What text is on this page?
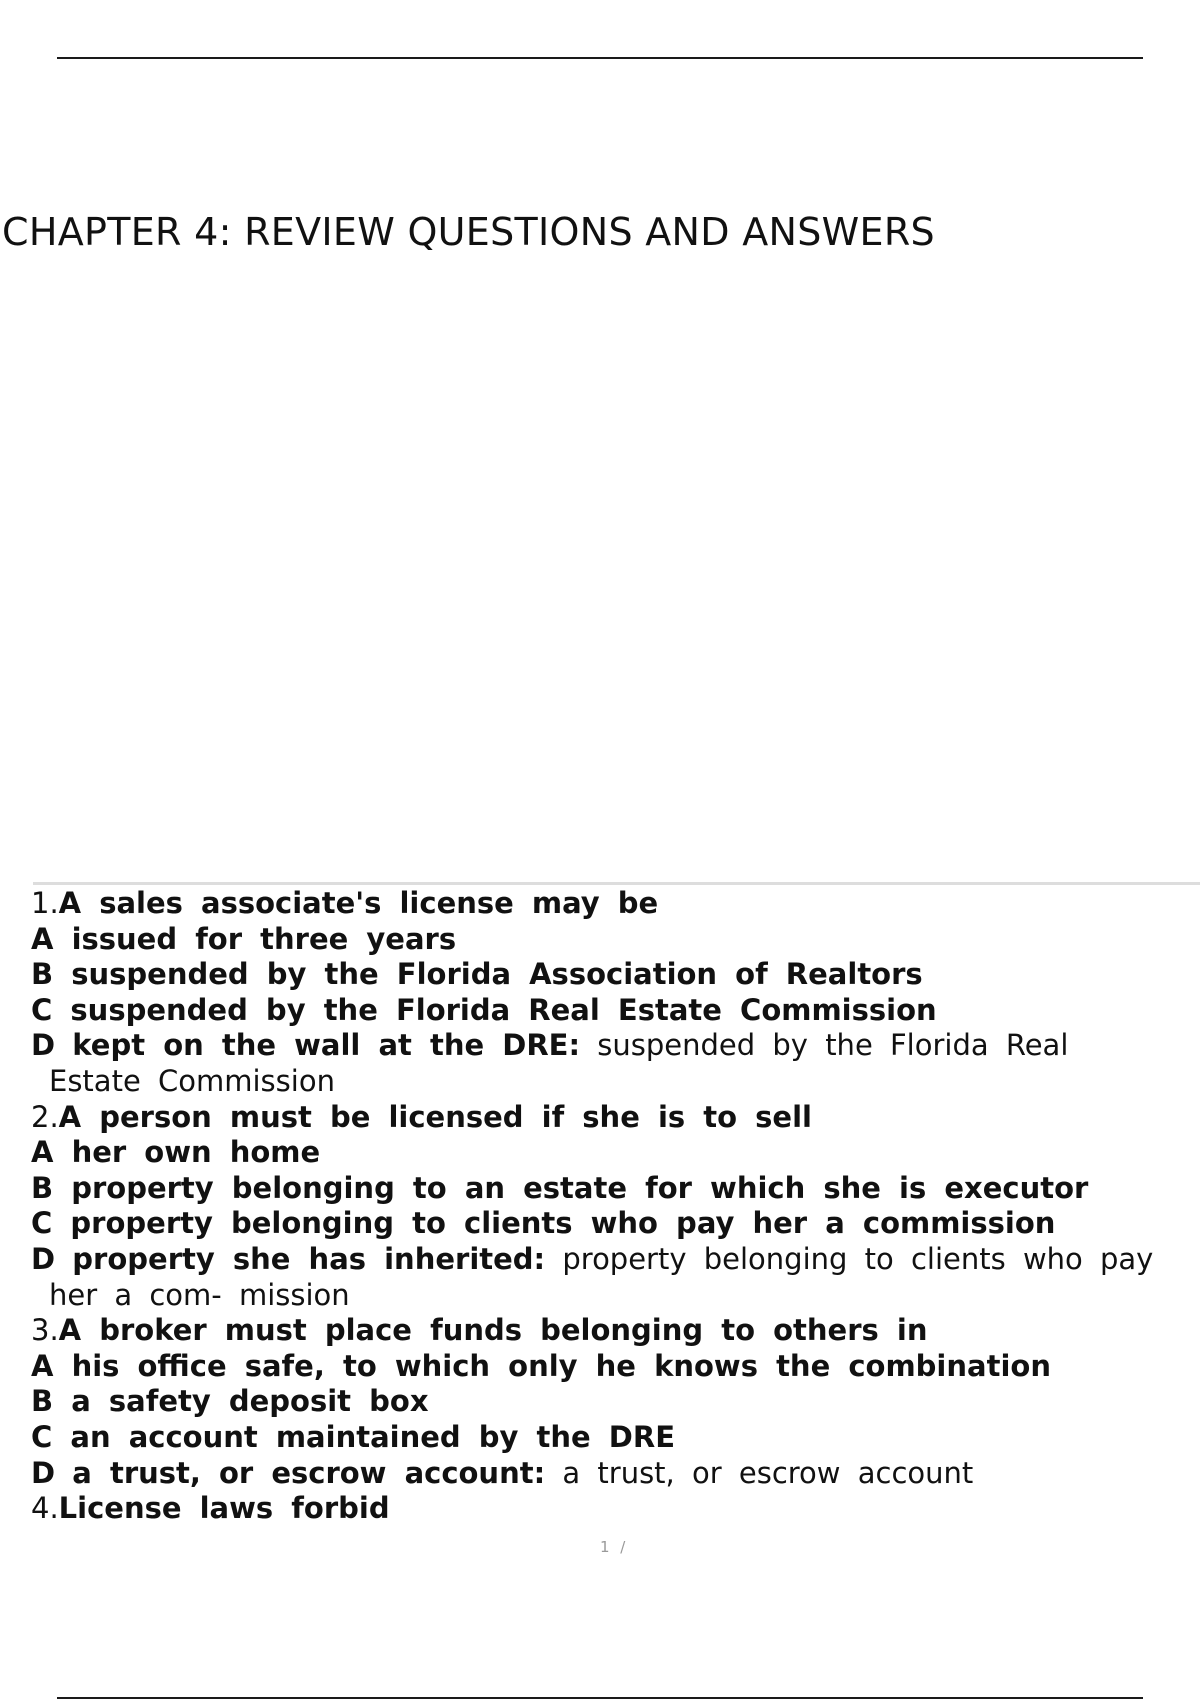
CHAPTER 4: REVIEW QUESTIONS AND ANSWERS
1.A sales associate's license may be
A issued for three years
B suspended by the Florida Association of Realtors
C suspended by the Florida Real Estate Commission
D kept on the wall at the DRE: suspended by the Florida Real
Estate Commission
2.A person must be licensed if she is to sell
A her own home
B property belonging to an estate for which she is executor
C property belonging to clients who pay her a commission
D property she has inherited: property belonging to clients who pay
her a com- mission
3.A broker must place funds belonging to others in
A his office safe, to which only he knows the combination
B a safety deposit box
C an account maintained by the DRE
D a trust, or escrow account: a trust, or escrow account
4.License laws forbid
1 /
